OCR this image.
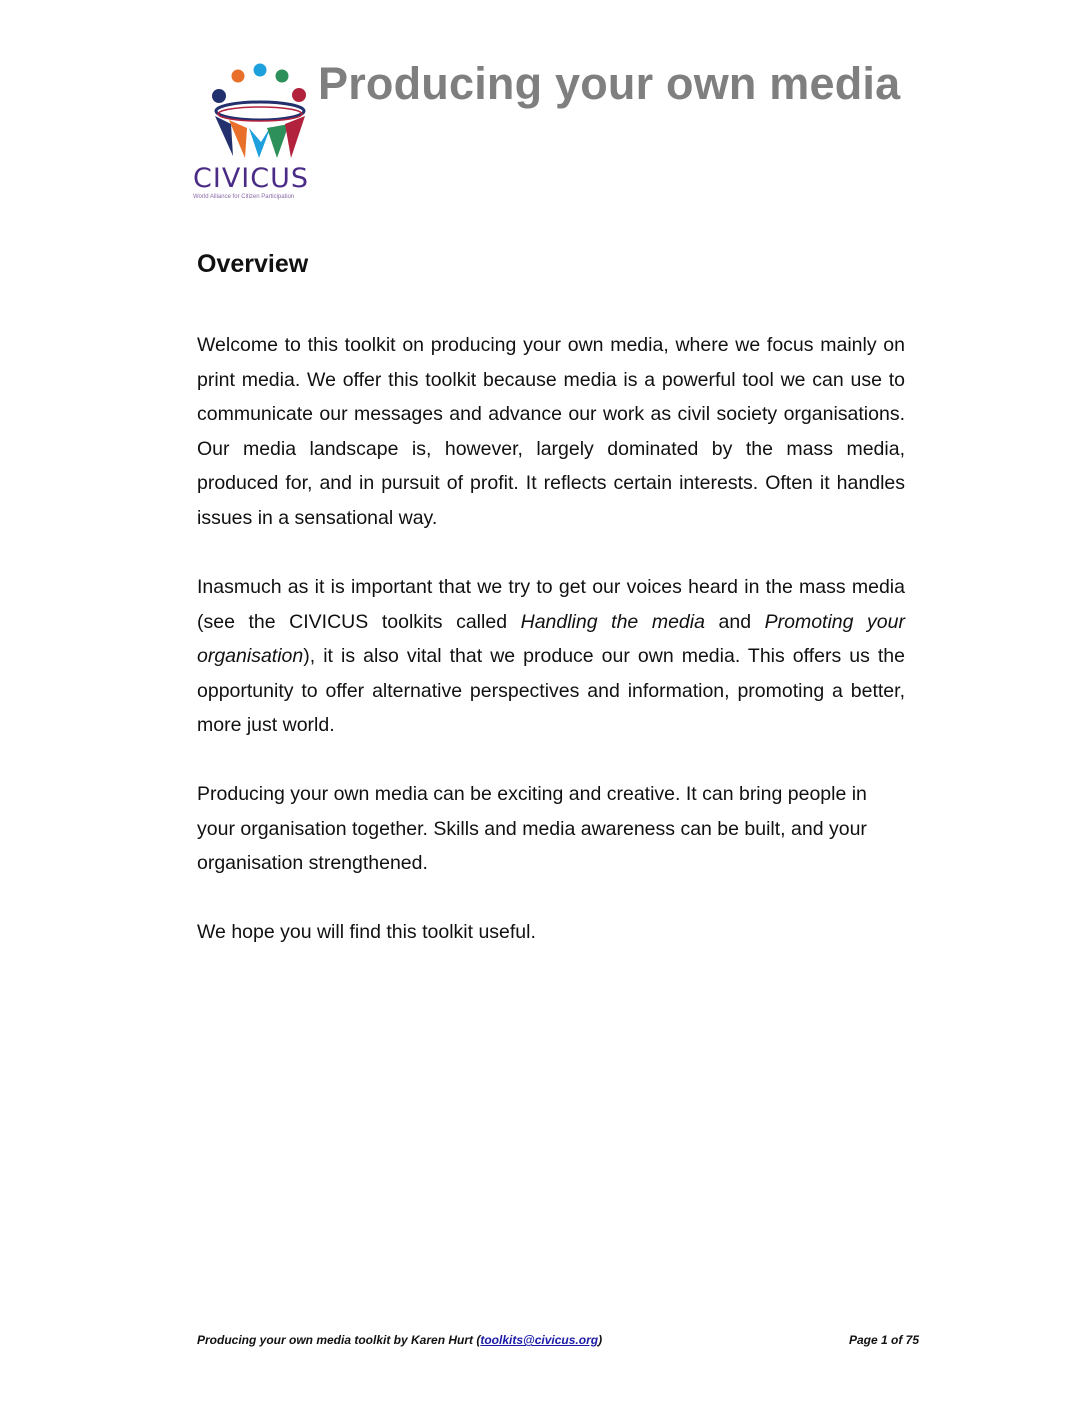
CIVICUS
World Alliance for Citizen Participation
Producing your own media
Overview

Welcome to this toolkit on producing your own media, where we focus mainly on print media. We offer this toolkit because media is a powerful tool we can use to communicate our messages and advance our work as civil society organisations. Our media landscape is, however, largely dominated by the mass media, produced for, and in pursuit of profit. It reflects certain interests. Often it handles issues in a sensational way.

Inasmuch as it is important that we try to get our voices heard in the mass media (see the CIVICUS toolkits called Handling the media and Promoting your organisation), it is also vital that we produce our own media. This offers us the opportunity to offer alternative perspectives and information, promoting a better, more just world.

Producing your own media can be exciting and creative. It can bring people in your organisation together. Skills and media awareness can be built, and your organisation strengthened.

We hope you will find this toolkit useful.

Producing your own media toolkit by Karen Hurt (toolkits@civicus.org)	Page 1 of 75
